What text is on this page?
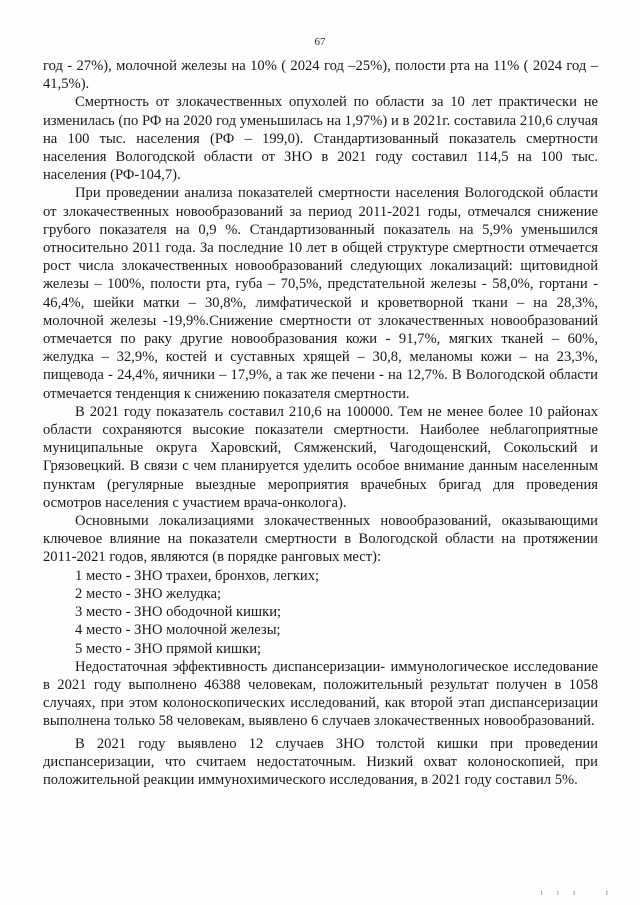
67

год - 27%), молочной железы на 10% ( 2024 год –25%), полости рта на 11% ( 2024 год –41,5%).

Смертность от злокачественных опухолей по области за 10 лет практически не изменилась (по РФ на 2020 год уменьшилась на 1,97%) и в 2021г. составила 210,6 случая на 100 тыс. населения (РФ – 199,0). Стандартизованный показатель смертности населения Вологодской области от ЗНО в 2021 году составил 114,5 на 100 тыс. населения (РФ-104,7).

При проведении анализа показателей смертности населения Вологодской области от злокачественных новообразований за период 2011-2021 годы, отмечался снижение грубого показателя на 0,9 %. Стандартизованный показатель на 5,9% уменьшился относительно 2011 года. За последние 10 лет в общей структуре смертности отмечается рост числа злокачественных новообразований следующих локализаций: щитовидной железы – 100%, полости рта, губа – 70,5%, предстательной железы - 58,0%, гортани - 46,4%, шейки матки – 30,8%, лимфатической и кроветворной ткани – на 28,3%, молочной железы -19,9%.Снижение смертности от злокачественных новообразований отмечается по раку другие новообразования кожи - 91,7%, мягких тканей – 60%, желудка – 32,9%, костей и суставных хрящей – 30,8, меланомы кожи – на 23,3%, пищевода - 24,4%, яичники – 17,9%, а так же печени - на 12,7%. В Вологодской области отмечается тенденция к снижению показателя смертности.

В 2021 году показатель составил 210,6 на 100000. Тем не менее более 10 районах области сохраняются высокие показатели смертности. Наиболее неблагоприятные муниципальные округа Харовский, Сямженский, Чагодощенский, Сокольский и Грязовецкий. В связи с чем планируется уделить особое внимание данным населенным пунктам (регулярные выездные мероприятия врачебных бригад для проведения осмотров населения с участием врача-онколога).

Основными локализациями злокачественных новообразований, оказывающими ключевое влияние на показатели смертности в Вологодской области на протяжении 2011-2021 годов, являются (в порядке ранговых мест):

1 место - ЗНО трахеи, бронхов, легких;

2 место - ЗНО желудка;

3 место - ЗНО ободочной кишки;

4 место - ЗНО молочной железы;

5 место - ЗНО прямой кишки;

Недостаточная эффективность диспансеризации- иммунологическое исследование в 2021 году выполнено 46388 человекам, положительный результат получен в 1058 случаях, при этом колоноскопических исследований, как второй этап диспансеризации выполнена только 58 человекам, выявлено 6 случаев злокачественных новообразований.

В 2021 году выявлено 12 случаев ЗНО толстой кишки при проведении диспансеризации, что считаем недостаточным. Низкий охват колоноскопией, при положительной реакции иммунохимического исследования, в 2021 году составил 5%.

ııı ı
